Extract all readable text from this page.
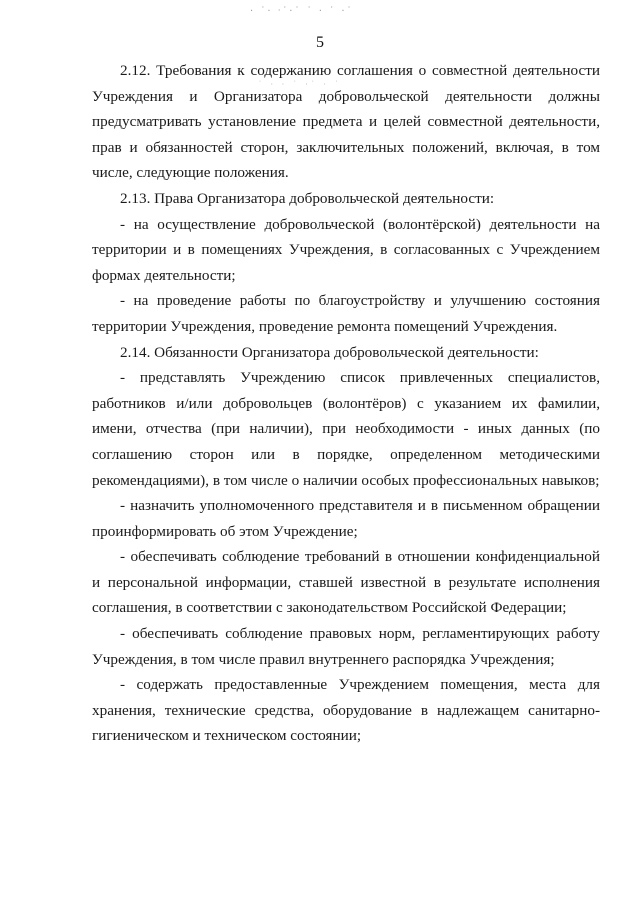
· ˙· ᐧ˙·˙ ˙ · ˙ ·˙
˙ · · ˙ ·˙ · ˙
5

2.12. Требования к содержанию соглашения о совместной деятельности Учреждения и Организатора добровольческой деятельности должны предусматривать установление предмета и целей совместной деятельности, прав и обязанностей сторон, заключительных положений, включая, в том числе, следующие положения.

2.13. Права Организатора добровольческой деятельности:

- на осуществление добровольческой (волонтёрской) деятельности на территории и в помещениях Учреждения, в согласованных с Учреждением формах деятельности;

- на проведение работы по благоустройству и улучшению состояния территории Учреждения, проведение ремонта помещений Учреждения.

2.14. Обязанности Организатора добровольческой деятельности:

- представлять Учреждению список привлеченных специалистов, работников и/или добровольцев (волонтёров) с указанием их фамилии, имени, отчества (при наличии), при необходимости - иных данных (по соглашению сторон или в порядке, определенном методическими рекомендациями), в том числе о наличии особых профессиональных навыков;

- назначить уполномоченного представителя и в письменном обращении проинформировать об этом Учреждение;

- обеспечивать соблюдение требований в отношении конфиденциальной и персональной информации, ставшей известной в результате исполнения соглашения, в соответствии с законодательством Российской Федерации;

- обеспечивать соблюдение правовых норм, регламентирующих работу Учреждения, в том числе правил внутреннего распорядка Учреждения;

- содержать предоставленные Учреждением помещения, места для хранения, технические средства, оборудование в надлежащем санитарно-гигиеническом и техническом состоянии;
